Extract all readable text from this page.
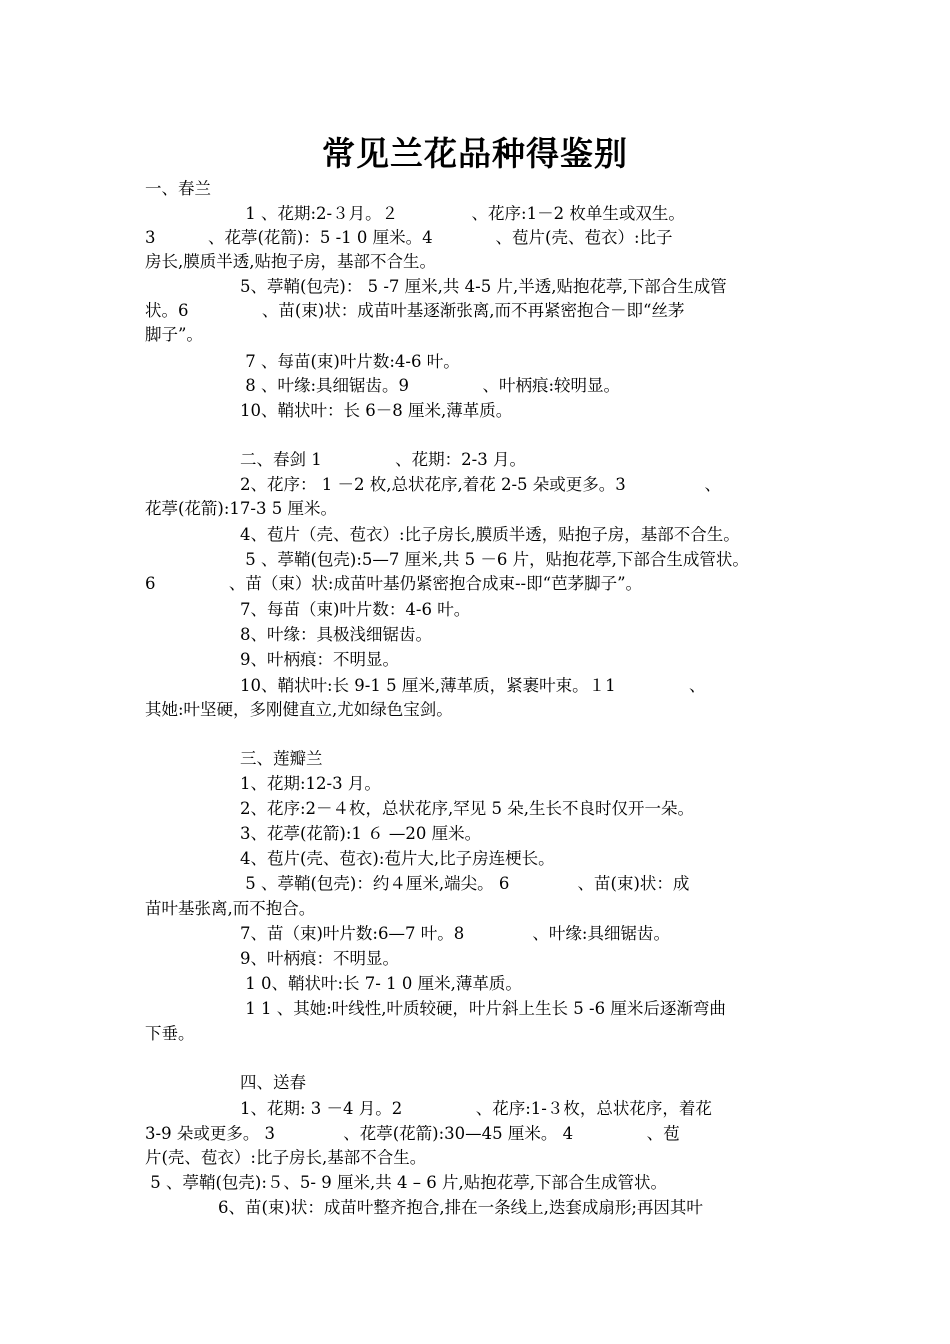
常见兰花品种得鉴别
一、春兰
1 、花期:2-３月。２              ﻿、花序:1－2 枚单生或双生。  ﻿
3          、花葶(花箭)：5 -1 0 厘米。4            ﻿、苞片(壳、苞衣）:比子
房长,膜质半透,贴抱子房，基部不合生。
5、葶鞘(包壳)： 5 -7 厘米,共 4-5 片,半透,贴抱花葶,下部合生成管
状。6              ﻿、苗(束)状：成苗叶基逐渐张离,而不再紧密抱合－即“丝茅
脚子”。
7 、每苗(束)叶片数:4-6 叶。
8 、叶缘:具细锯齿。9              ﻿、叶柄痕:较明显。
10、鞘状叶：长 6－8 厘米,薄革质。
二、春剑 1              ﻿、花期：2-3 月。
2、花序： 1 －2 枚,总状花序,着花 2-5 朵或更多。3               ﻿、
花葶(花箭):17-3 5 厘米。
4、苞片（壳、苞衣）:比子房长,膜质半透，贴抱子房，基部不合生。
5 、葶鞘(包壳):5—7 厘米,共 5 －6 片，贴抱花葶,下部合生成管状。
6              ﻿、苗（束）状:成苗叶基仍紧密抱合成束--即“芭茅脚子”。
7、每苗（束)叶片数：4-6 叶。
8、叶缘：具极浅细锯齿。
9、叶柄痕：不明显。
10、鞘状叶:长 9-1 5 厘米,薄革质，紧裹叶束。１1              ﻿、
其她:叶坚硬，多刚健直立,尤如绿色宝剑。
三、莲瓣兰
1、花期:12-3 月。
2、花序:2－４枚，总状花序,罕见 5 朵,生长不良时仅开一朵。
3、花葶(花箭):1 ６ —20 厘米。
4、苞片(壳、苞衣):苞片大,比子房连梗长。
5 、葶鞘(包壳)：约４厘米,端尖。 6             ﻿、苗(束)状：成
苗叶基张离,而不抱合。
7、苗（束)叶片数:6—7 叶。8             ﻿、叶缘:具细锯齿。
9、叶柄痕：不明显。
1 0、鞘状叶:长 7- 1 0 厘米,薄革质。
1 1 、其她:叶线性,叶质较硬，叶片斜上生长 5 -6 厘米后逐渐弯曲
下垂。
四、送春
1、花期: 3 －4 月。2              ﻿、花序:1-３枚，总状花序，着花
3-9 朵或更多。 3             ﻿、花葶(花箭):30—45 厘米。 4              ﻿、苞
片(壳、苞衣）:比子房长,基部不合生。
5 、葶鞘(包壳):５、5- 9 厘米,共 4 – 6 片,贴抱花葶,下部合生成管状。
6、苗(束)状：成苗叶整齐抱合,排在一条线上,迭套成扇形;再因其叶
